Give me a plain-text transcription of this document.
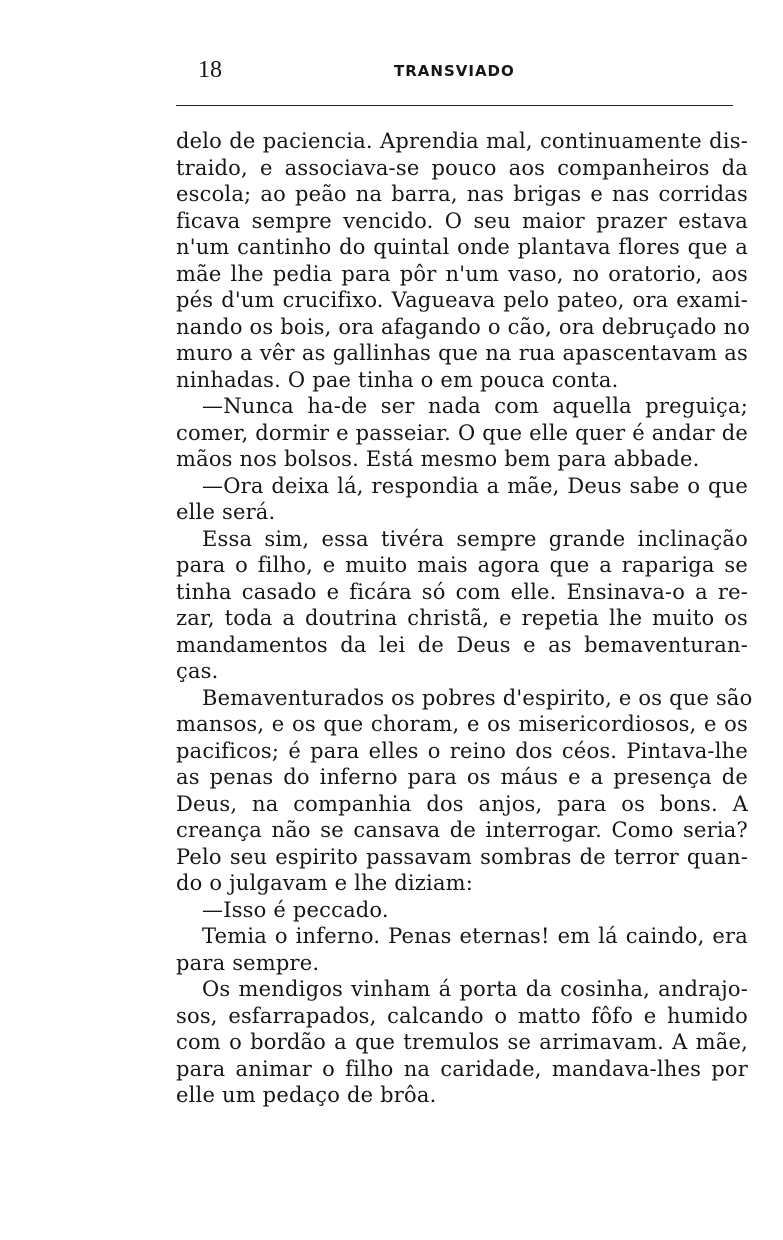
18	TRANSVIADO
delo de paciencia. Aprendia mal, continuamente dis-
traido, e associava-se pouco aos companheiros da
escola; ao peão na barra, nas brigas e nas corridas
ficava sempre vencido. O seu maior prazer estava
n'um cantinho do quintal onde plantava flores que a
mãe lhe pedia para pôr n'um vaso, no oratorio, aos
pés d'um crucifixo. Vagueava pelo pateo, ora exami-
nando os bois, ora afagando o cão, ora debruçado no
muro a vêr as gallinhas que na rua apascentavam as
ninhadas. O pae tinha o em pouca conta.
—Nunca ha-de ser nada com aquella preguiça;
comer, dormir e passeiar. O que elle quer é andar de
mãos nos bolsos. Está mesmo bem para abbade.
—Ora deixa lá, respondia a mãe, Deus sabe o que
elle será.
Essa sim, essa tivéra sempre grande inclinação
para o filho, e muito mais agora que a rapariga se
tinha casado e ficára só com elle. Ensinava-o a re-
zar, toda a doutrina christã, e repetia lhe muito os
mandamentos da lei de Deus e as bemaventuran-
ças.
Bemaventurados os pobres d'espirito, e os que são
mansos, e os que choram, e os misericordiosos, e os
pacificos; é para elles o reino dos céos. Pintava-lhe
as penas do inferno para os máus e a presença de
Deus, na companhia dos anjos, para os bons. A
creança não se cansava de interrogar. Como seria?
Pelo seu espirito passavam sombras de terror quan-
do o julgavam e lhe diziam:
—Isso é peccado.
Temia o inferno. Penas eternas! em lá caindo, era
para sempre.
Os mendigos vinham á porta da cosinha, andrajo-
sos, esfarrapados, calcando o matto fôfo e humido
com o bordão a que tremulos se arrimavam. A mãe,
para animar o filho na caridade, mandava-lhes por
elle um pedaço de brôa.
